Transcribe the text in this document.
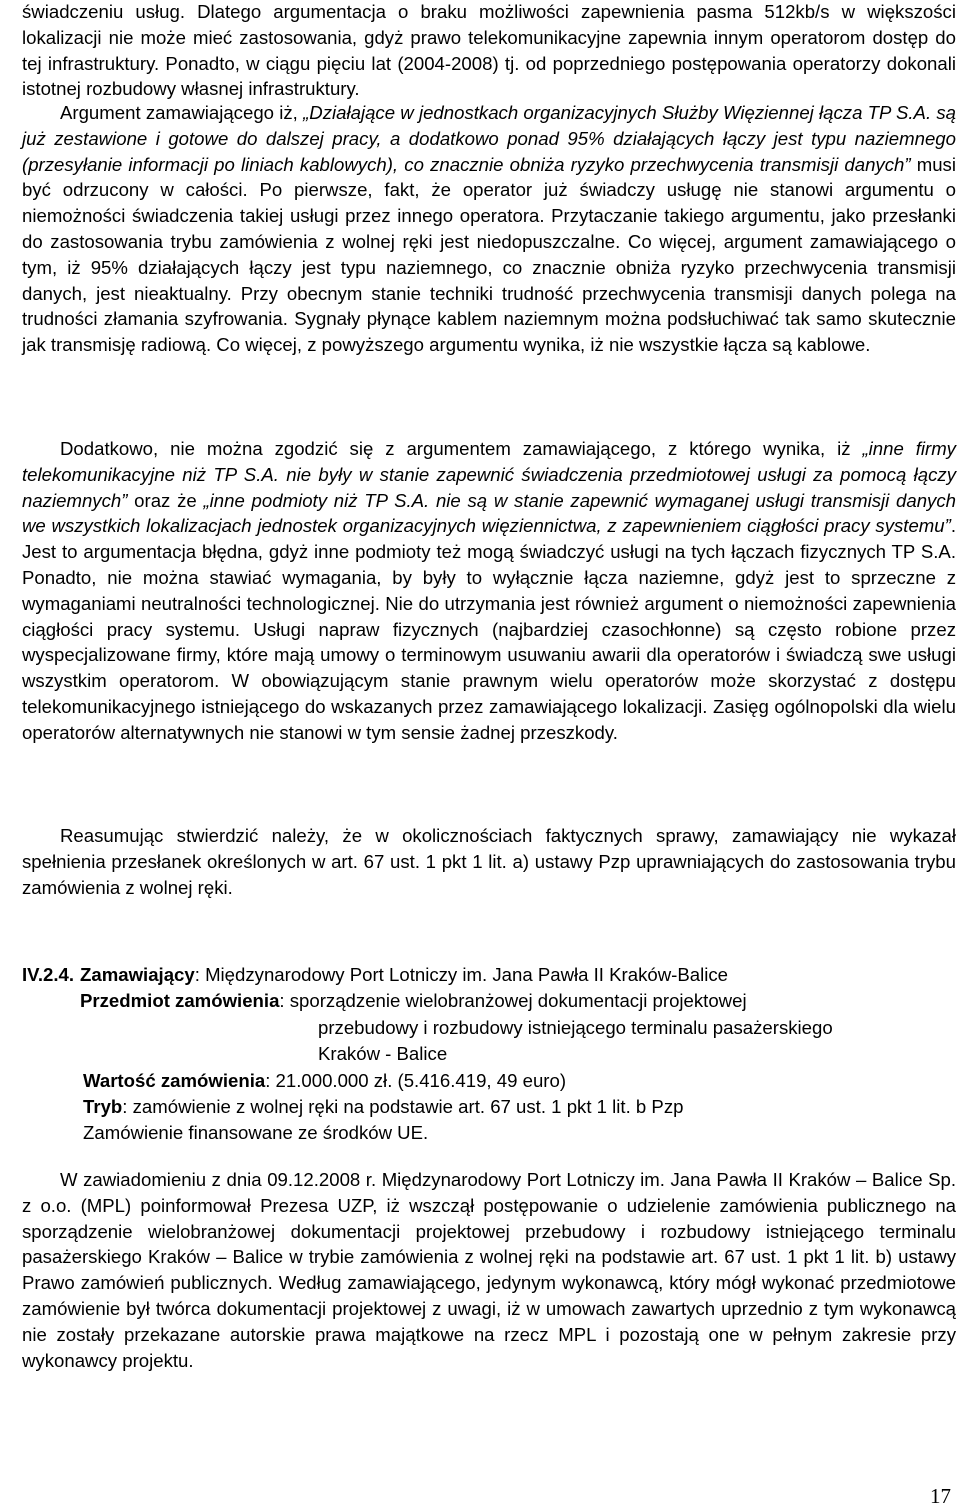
świadczeniu usług. Dlatego argumentacja o braku możliwości zapewnienia pasma 512kb/s w większości lokalizacji nie może mieć zastosowania, gdyż prawo telekomunikacyjne zapewnia innym operatorom dostęp do tej infrastruktury. Ponadto, w ciągu pięciu lat (2004-2008) tj. od poprzedniego postępowania operatorzy dokonali istotnej rozbudowy własnej infrastruktury.

Argument zamawiającego iż, „Działające w jednostkach organizacyjnych Służby Więziennej łącza TP S.A. są już zestawione i gotowe do dalszej pracy, a dodatkowo ponad 95% działających łączy jest typu naziemnego (przesyłanie informacji po liniach kablowych), co znacznie obniża ryzyko przechwycenia transmisji danych” musi być odrzucony w całości. Po pierwsze, fakt, że operator już świadczy usługę nie stanowi argumentu o niemożności świadczenia takiej usługi przez innego operatora. Przytaczanie takiego argumentu, jako przesłanki do zastosowania trybu zamówienia z wolnej ręki jest niedopuszczalne. Co więcej, argument zamawiającego o tym, iż 95% działających łączy jest typu naziemnego, co znacznie obniża ryzyko przechwycenia transmisji danych, jest nieaktualny. Przy obecnym stanie techniki trudność przechwycenia transmisji danych polega na trudności złamania szyfrowania. Sygnały płynące kablem naziemnym można podsłuchiwać tak samo skutecznie jak transmisję radiową. Co więcej, z powyższego argumentu wynika, iż nie wszystkie łącza są kablowe.

Dodatkowo, nie można zgodzić się z argumentem zamawiającego, z którego wynika, iż „inne firmy telekomunikacyjne niż TP S.A. nie były w stanie zapewnić świadczenia przedmiotowej usługi za pomocą łączy naziemnych” oraz że „inne podmioty niż TP S.A. nie są w stanie zapewnić wymaganej usługi transmisji danych we wszystkich lokalizacjach jednostek organizacyjnych więziennictwa, z zapewnieniem ciągłości pracy systemu”. Jest to argumentacja błędna, gdyż inne podmioty też mogą świadczyć usługi na tych łączach fizycznych TP S.A. Ponadto, nie można stawiać wymagania, by były to wyłącznie łącza naziemne, gdyż jest to sprzeczne z wymaganiami neutralności technologicznej. Nie do utrzymania jest również argument o niemożności zapewnienia ciągłości pracy systemu. Usługi napraw fizycznych (najbardziej czasochłonne) są często robione przez wyspecjalizowane firmy, które mają umowy o terminowym usuwaniu awarii dla operatorów i świadczą swe usługi wszystkim operatorom. W obowiązującym stanie prawnym wielu operatorów może skorzystać z dostępu telekomunikacyjnego istniejącego do wskazanych przez zamawiającego lokalizacji. Zasięg ogólnopolski dla wielu operatorów alternatywnych nie stanowi w tym sensie żadnej przeszkody.

Reasumując stwierdzić należy, że w okolicznościach faktycznych sprawy, zamawiający nie wykazał spełnienia przesłanek określonych w art. 67 ust. 1 pkt 1 lit. a) ustawy Pzp uprawniających do zastosowania trybu zamówienia z wolnej ręki.

IV.2.4. Zamawiający: Międzynarodowy Port Lotniczy im. Jana Pawła II Kraków-Balice
Przedmiot zamówienia: sporządzenie wielobranżowej dokumentacji projektowej
przebudowy i rozbudowy istniejącego terminalu pasażerskiego
Kraków - Balice
Wartość zamówienia: 21.000.000 zł. (5.416.419, 49 euro)
Tryb: zamówienie z wolnej ręki na podstawie art. 67 ust. 1 pkt 1 lit. b Pzp
Zamówienie finansowane ze środków UE.

W zawiadomieniu z dnia 09.12.2008 r. Międzynarodowy Port Lotniczy im. Jana Pawła II Kraków – Balice Sp. z o.o. (MPL) poinformował Prezesa UZP, iż wszczął postępowanie o udzielenie zamówienia publicznego na sporządzenie wielobranżowej dokumentacji projektowej przebudowy i rozbudowy istniejącego terminalu pasażerskiego Kraków – Balice w trybie zamówienia z wolnej ręki na podstawie art. 67 ust. 1 pkt 1 lit. b) ustawy Prawo zamówień publicznych. Według zamawiającego, jedynym wykonawcą, który mógł wykonać przedmiotowe zamówienie był twórca dokumentacji projektowej z uwagi, iż w umowach zawartych uprzednio z tym wykonawcą nie zostały przekazane autorskie prawa majątkowe na rzecz MPL i pozostają one w pełnym zakresie przy wykonawcy projektu.

17
